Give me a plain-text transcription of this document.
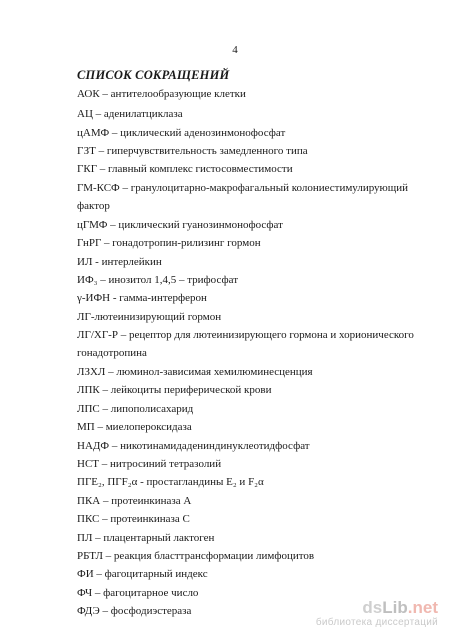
4
СПИСОК СОКРАЩЕНИЙ
АОК – антителообразующие клетки
АЦ – аденилатциклаза
цАМФ – циклический аденозинмонофосфат
ГЗТ – гиперчувствительность замедленного типа
ГКГ – главный комплекс гистосовместимости
ГМ-КСФ – гранулоцитарно-макрофагальный колониестимулирующий
фактор
цГМФ – циклический гуанозинмонофосфат
ГнРГ – гонадотропин-рилизинг гормон
ИЛ - интерлейкин
ИФ₃ – инозитол 1,4,5 – трифосфат
γ-ИФН - гамма-интерферон
ЛГ-лютеинизирующий гормон
ЛГ/ХГ-Р – рецептор для лютеинизирующего гормона и хорионического
гонадотропина
ЛЗХЛ – люминол-зависимая хемилюминесценция
ЛПК – лейкоциты периферической крови
ЛПС – липополисахарид
МП – миелопероксидаза
НАДФ – никотинамидадениндинуклеотидфосфат
НСТ – нитросиний тетразолий
ПГЕ₂, ПГF₂α - простагландины Е₂ и F₂α
ПКА – протеинкиназа А
ПКС – протеинкиназа С
ПЛ – плацентарный лактоген
РБТЛ – реакция бласттрансформации лимфоцитов
ФИ – фагоцитарный индекс
ФЧ – фагоцитарное число
ФДЭ – фосфодиэстераза	dsLib.net
библиотека диссертаций
